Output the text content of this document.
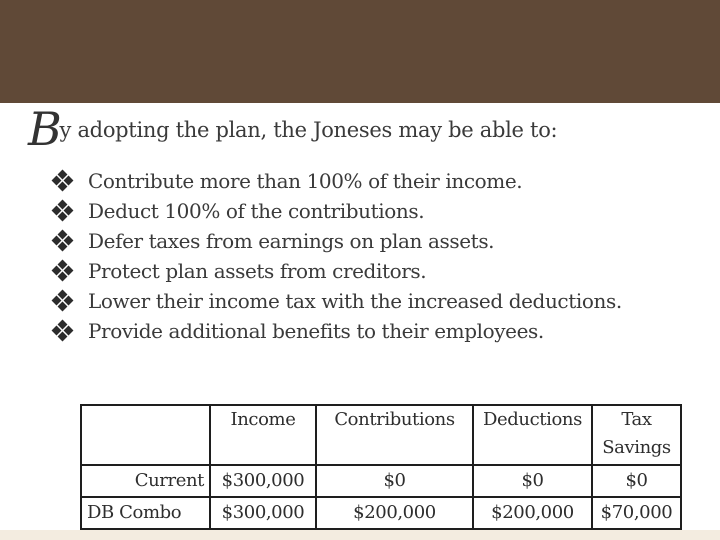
By adopting the plan, the Joneses may be able to:
Contribute more than 100% of their income.
Deduct 100% of the contributions.
Defer taxes from earnings on plan assets.
Protect plan assets from creditors.
Lower their income tax with the increased deductions.
Provide additional benefits to their employees.
	Income	Contributions	Deductions	Tax Savings
Current	$300,000	$0	$0	$0
DB Combo	$300,000	$200,000	$200,000	$70,000
